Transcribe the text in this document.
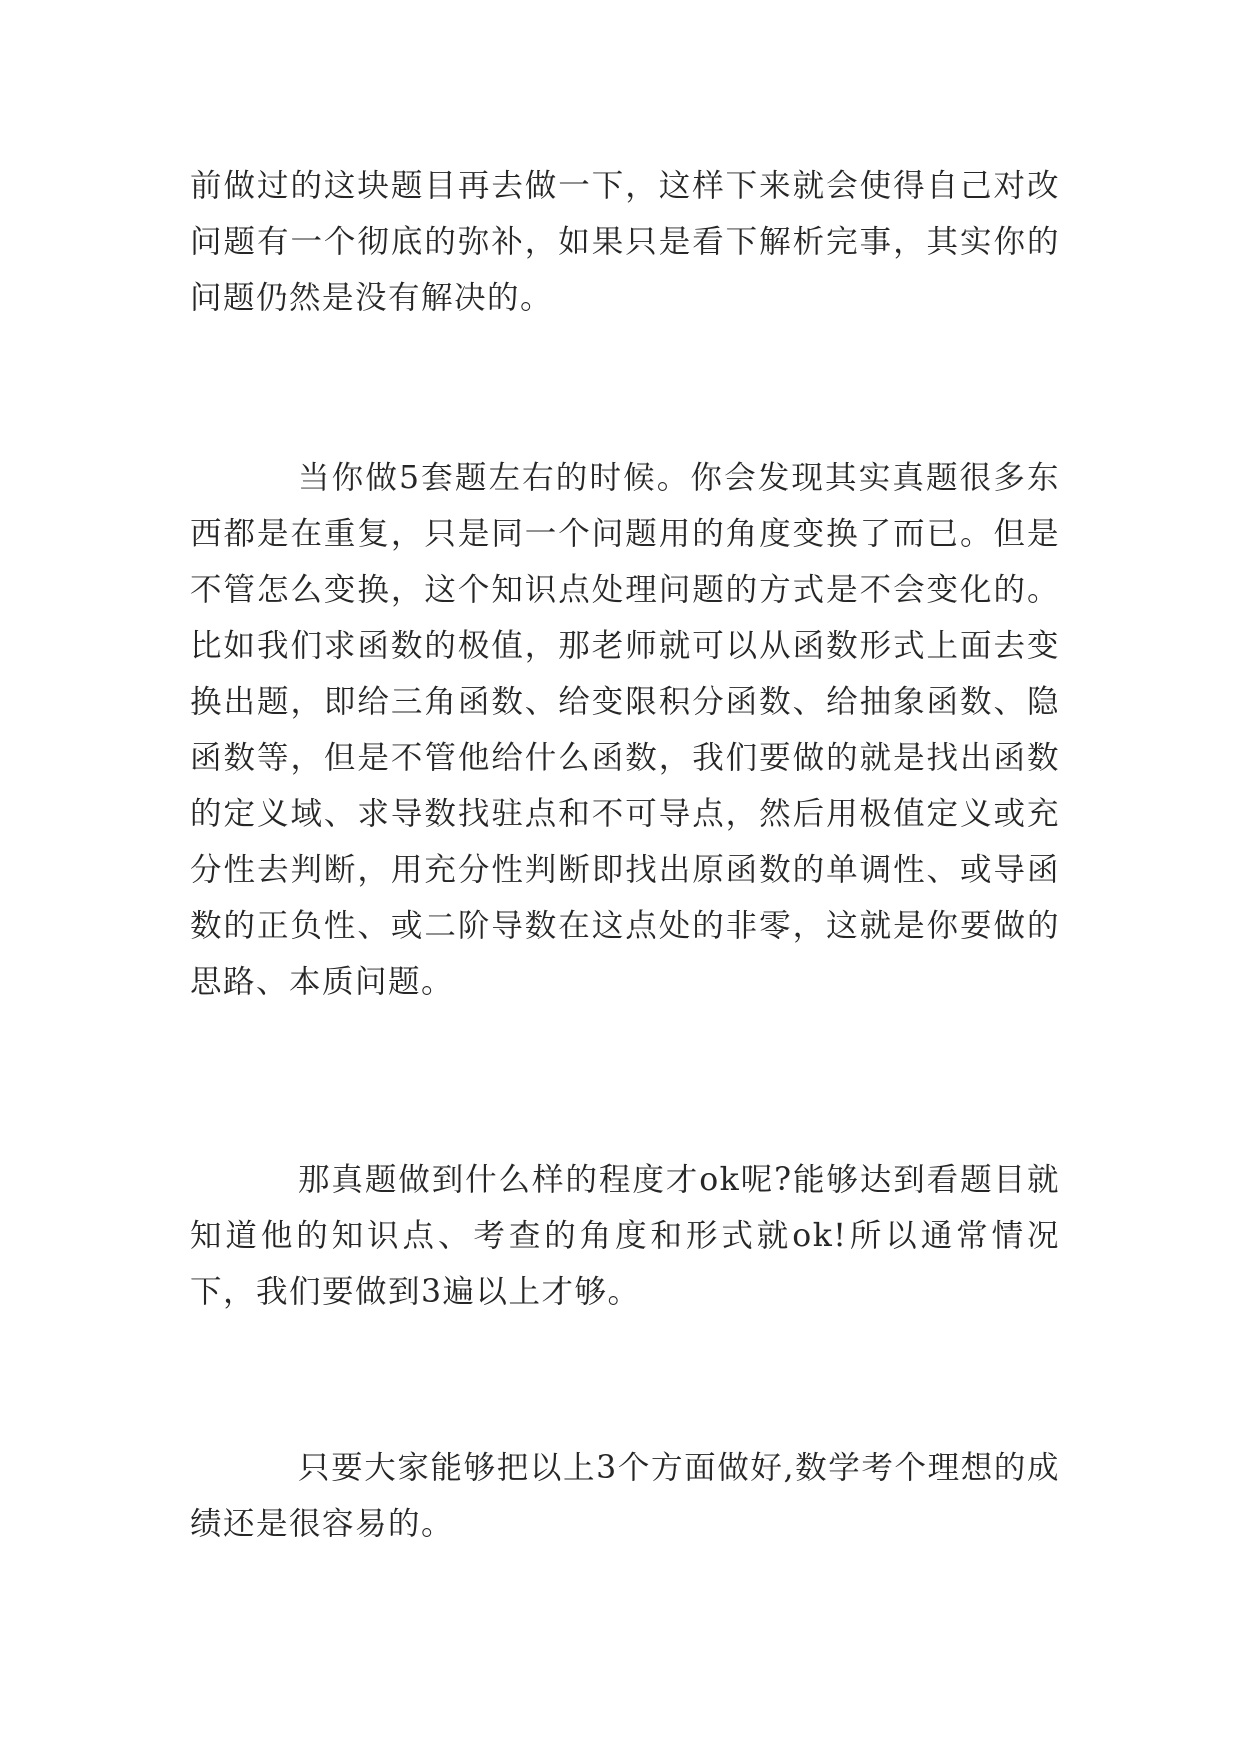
前做过的这块题目再去做一下，这样下来就会使得自己对改问题有一个彻底的弥补，如果只是看下解析完事，其实你的问题仍然是没有解决的。

当你做5套题左右的时候。你会发现其实真题很多东西都是在重复，只是同一个问题用的角度变换了而已。但是不管怎么变换，这个知识点处理问题的方式是不会变化的。比如我们求函数的极值，那老师就可以从函数形式上面去变换出题，即给三角函数、给变限积分函数、给抽象函数、隐函数等，但是不管他给什么函数，我们要做的就是找出函数的定义域、求导数找驻点和不可导点，然后用极值定义或充分性去判断，用充分性判断即找出原函数的单调性、或导函数的正负性、或二阶导数在这点处的非零，这就是你要做的思路、本质问题。

那真题做到什么样的程度才ok呢?能够达到看题目就知道他的知识点、考查的角度和形式就ok!所以通常情况下，我们要做到3遍以上才够。

只要大家能够把以上3个方面做好,数学考个理想的成绩还是很容易的。
